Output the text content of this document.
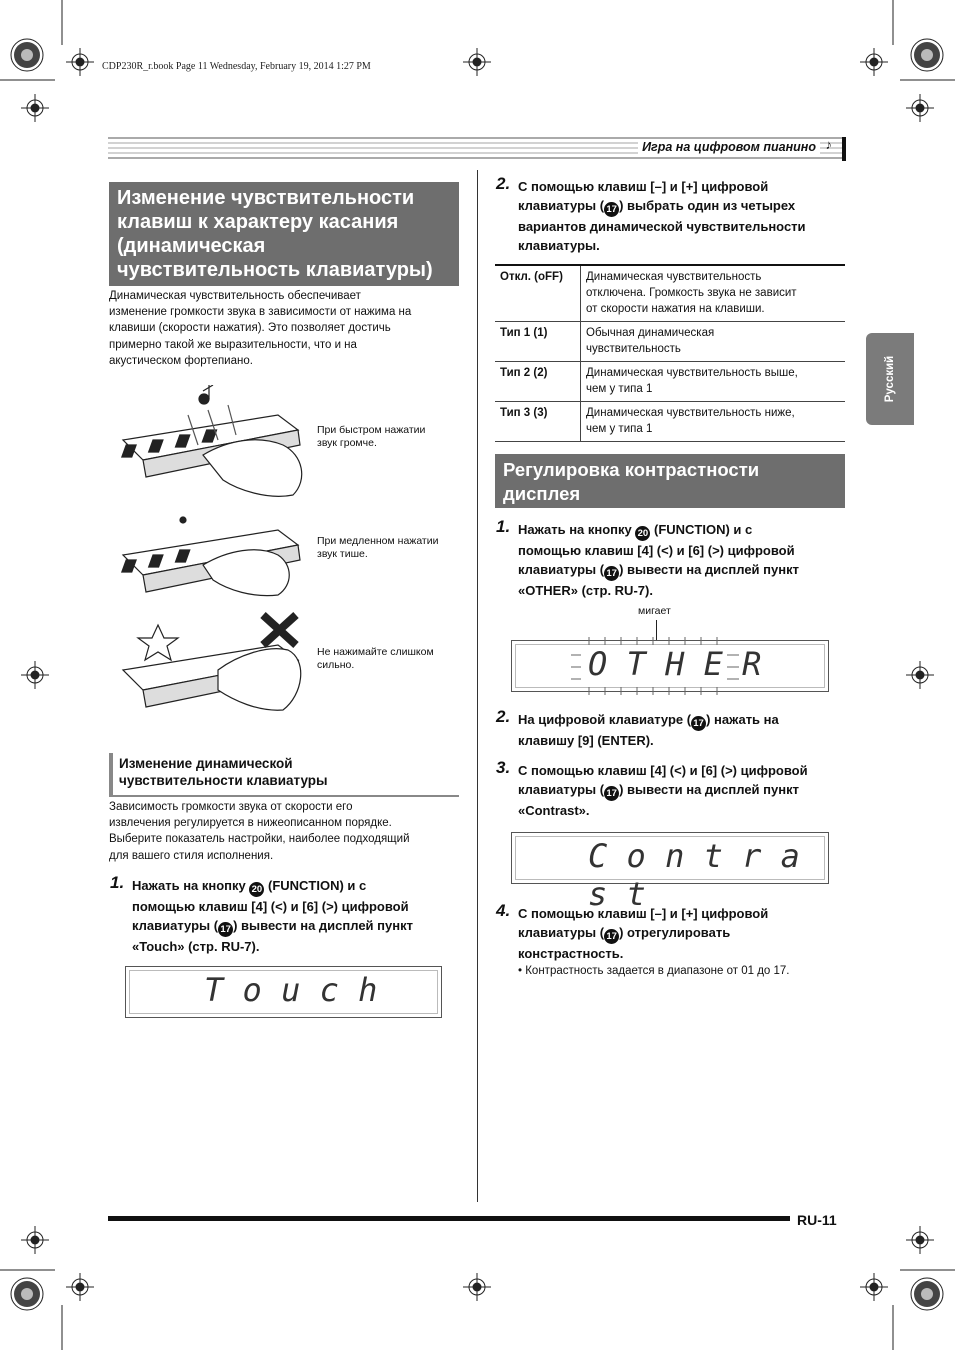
CDP230R_r.book Page 11 Wednesday, February 19, 2014 1:27 PM
Игра на цифровом пианино ♪
Изменение чувствительности
клавиш к характеру касания
(динамическая
чувствительность клавиатуры)
Динамическая чувствительность обеспечивает
изменение громкости звука в зависимости от нажима на
клавиши (скорости нажатия). Это позволяет достичь
примерно такой же выразительности, что и на
акустическом фортепиано.
При быстром нажатии
звук громче.
При медленном нажатии
звук тише.
Не нажимайте слишком
сильно.
Изменение динамической
чувствительности клавиатуры
Зависимость громкости звука от скорости его
извлечения регулируется в нижеописанном порядке.
Выберите показатель настройки, наиболее подходящий
для вашего стиля исполнения.
1. Нажать на кнопку 20 (FUNCTION) и с
помощью клавиш [4] (<) и [6] (>) цифровой
клавиатуры ( 17 ) вывести на дисплей пункт
«Touch» (стр. RU-7).
T o u c h
2. С помощью клавиш [–] и [+] цифровой
клавиатуры ( 17 ) выбрать один из четырех
вариантов динамической чувствительности
клавиатуры.
Откл. (oFF)	Динамическая чувствительность
отключена. Громкость звука не зависит
от скорости нажатия на клавиши.

Тип 1 (1)	Обычная динамическая
чувствительность

Тип 2 (2)	Динамическая чувствительность выше,
чем у типа 1

Тип 3 (3)	Динамическая чувствительность ниже,
чем у типа 1
Регулировка контрастности
дисплея
1. Нажать на кнопку 20 (FUNCTION) и с
помощью клавиш [4] (<) и [6] (>) цифровой
клавиатуры ( 17 ) вывести на дисплей пункт
«OTHER» (стр. RU-7).
мигает
O T H E R
2. На цифровой клавиатуре ( 17 ) нажать на
клавишу [9] (ENTER).
3. С помощью клавиш [4] (<) и [6] (>) цифровой
клавиатуры ( 17 ) вывести на дисплей пункт
«Contrast».
C o n t r a s t
4. С помощью клавиш [–] и [+] цифровой
клавиатуры ( 17 ) отрегулировать
констрастность.
• Контрастность задается в диапазоне от 01 до 17.
Русский
RU-11
